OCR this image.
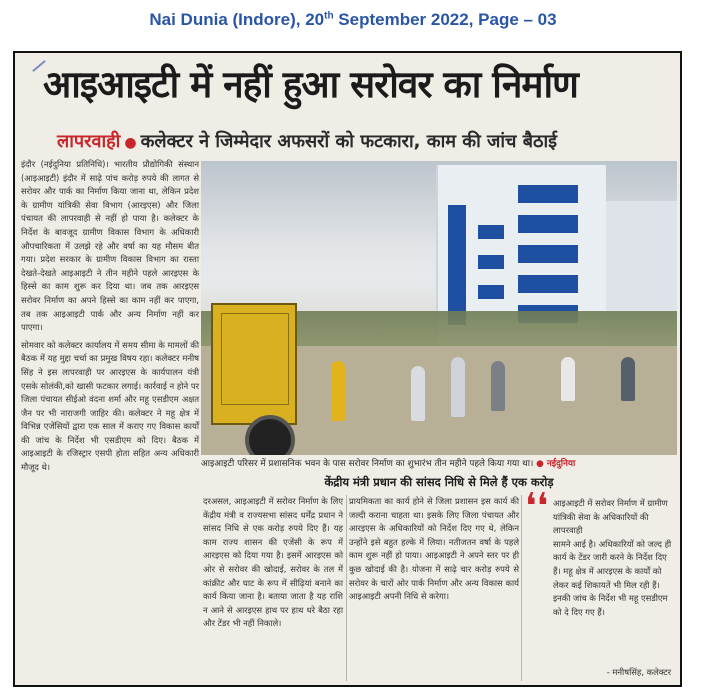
Nai Dunia (Indore), 20th September 2022, Page – 03
आइआइटी में नहीं हुआ सरोवर का निर्माण
लापरवाही ● कलेक्टर ने जिम्मेदार अफसरों को फटकारा, काम की जांच बैठाई

इंदौर (नईदुनिया प्रतिनिधि)। भारतीय प्रौद्योगिकी संस्थान (आइआइटी) इंदौर में साढ़े पांच करोड़ रुपये की लागत से सरोवर और पार्क का निर्माण किया जाना था, लेकिन प्रदेश के ग्रामीण यांत्रिकी सेवा विभाग (आरइएस) और जिला पंचायत की लापरवाही से नहीं हो पाया है। कलेक्टर के निर्देश के बावजूद ग्रामीण विकास विभाग के अधिकारी औपचारिकता में उलझे रहे और वर्षा का यह मौसम बीत गया। प्रदेश सरकार के ग्रामीण विकास विभाग का रास्ता देखते-देखते आइआइटी ने तीन महीने पहले आरइएस के हिस्से का काम शुरू कर दिया था। जब तक आरइएस सरोवर निर्माण का अपने हिस्से का काम नहीं कर पाएगा, तब तक आइआइटी पार्क और अन्य निर्माण नहीं कर पाएगा।

सोमवार को कलेक्टर कार्यालय में समय सीमा के मामलों की बैठक में यह मुद्दा चर्चा का प्रमुख विषय रहा। कलेक्टर मनीष सिंह ने इस लापरवाही पर आरइएस के कार्यपालन यंत्री एसके सोलंकी,को खासी फटकार लगाई। कार्रवाई न होने पर जिला पंचायत सीईओ वंदना शर्मा और महू एसडीएम अक्षत जैन पर भी नाराजगी जाहिर की। कलेक्टर ने महू क्षेत्र में विभिन्न एजेंसियों द्वारा एक साल में कराए गए विकास कार्यों की जांच के निर्देश भी एसडीएम को दिए। बैठक में आइआइटी के रजिस्ट्रार एसपी होता सहित अन्य अधिकारी मौजूद थे।	आइआइटी परिसर में प्रशासनिक भवन के पास सरोवर निर्माण का शुभारंभ तीन महीने पहले किया गया था। ● नईदुनिया
केंद्रीय मंत्री प्रधान की सांसद निधि से मिले हैं एक करोड़
दरअसल, आइआइटी में सरोवर निर्माण के लिए केंद्रीय मंत्री व राज्यसभा सांसद धर्मेंद्र प्रधान ने सांसद निधि से एक करोड़ रुपये दिए हैं। यह काम राज्य शासन की एजेंसी के रूप में आरइएस को दिया गया है। इसमें आरइएस को ओर से सरोवर की खोदाई, सरोवर के तल में कांक्रीट और घाट के रूप में सीढ़ियां बनाने का कार्य किया जाना है। बताया जाता है यह राशि न आने से आरइएस हाथ पर हाथ धरे बैठा रहा और टेंडर भी नहीं निकाले।
प्रायमिकता का कार्य होने से जिला प्रशासन इस कार्य की जल्दी कराना चाहता था। इसके लिए जिला पंचायत और आरइएस के अधिकारियों को निर्देश दिए गए थे, लेकिन उन्होंने इसे बहुत हल्के में लिया। नतीजतन वर्षा के पहले काम शुरू नहीं हो पाया। आइआइटी ने अपने स्तर पर ही कुछ खोदाई की है। योजना में साढ़े चार करोड़ रुपये से सरोवर के चारों ओर पार्क निर्माण और अन्य विकास कार्य आइआइटी अपनी निधि से करेगा।
❛❛ आइआइटी में सरोवर निर्माण में ग्रामीण यांत्रिकी सेवा के अधिकारियों की लापरवाही
सामने आई है। अधिकारियों को जल्द ही कार्य के टेंडर जारी करने के निर्देश दिए हैं। महू क्षेत्र में आरइएस के कार्यों को लेकर कई शिकायतें भी मिल रही हैं। इनकी जांच के निर्देश भी महू एसडीएम को दे दिए गए हैं।
- मनीषसिंह, कलेक्टर
